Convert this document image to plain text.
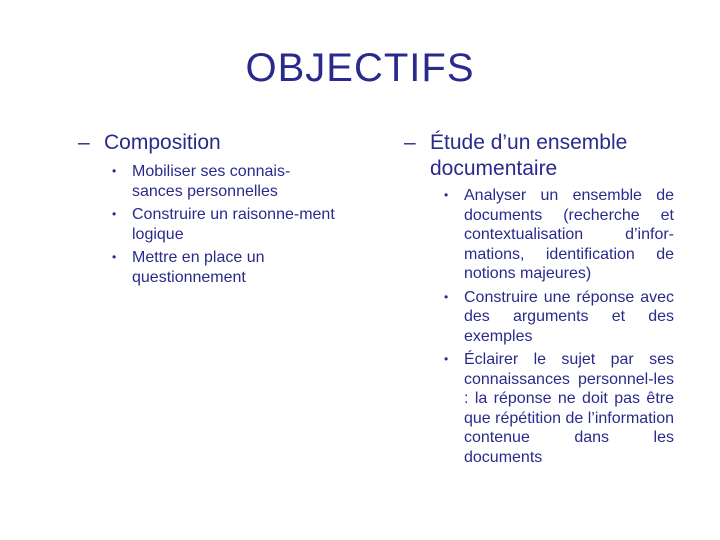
OBJECTIFS
– Composition
• Mobiliser ses connais-sances personnelles
• Construire un raisonne-ment logique
• Mettre en place un questionnement
– Étude d’un ensemble documentaire
• Analyser un ensemble de documents (recherche et contextualisation d’infor-mations, identification de notions majeures)
• Construire une réponse avec des arguments et des exemples
• Éclairer le sujet par ses connaissances personnel-les : la réponse ne doit pas être que répétition de l’information contenue dans les documents
